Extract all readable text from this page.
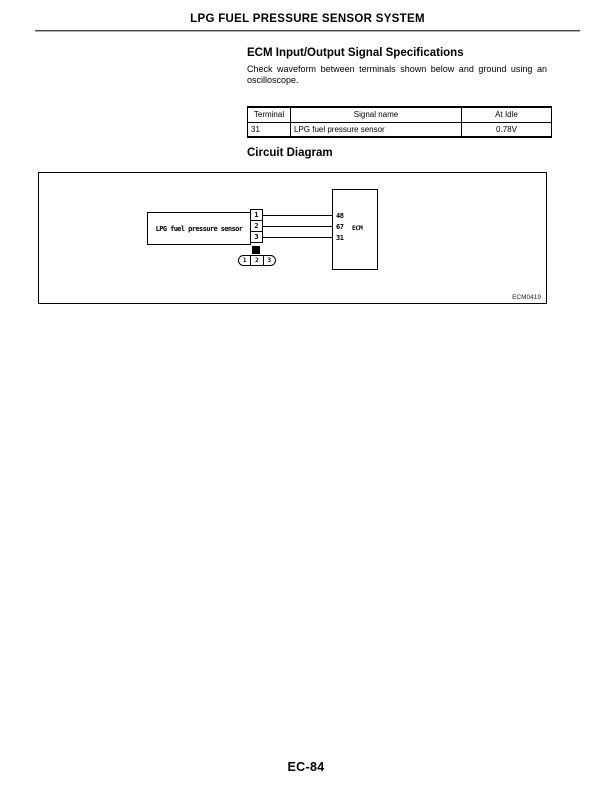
LPG FUEL PRESSURE SENSOR SYSTEM
ECM Input/Output Signal Specifications
Check waveform between terminals shown below and ground using an oscilloscope.
Terminal	Signal name	At Idle
31	LPG fuel pressure sensor	0.78V
Circuit Diagram
LPG fuel pressure sensor
1
2
3
48
67
31
ECM
1	2	3
ECM0419
EC-84
